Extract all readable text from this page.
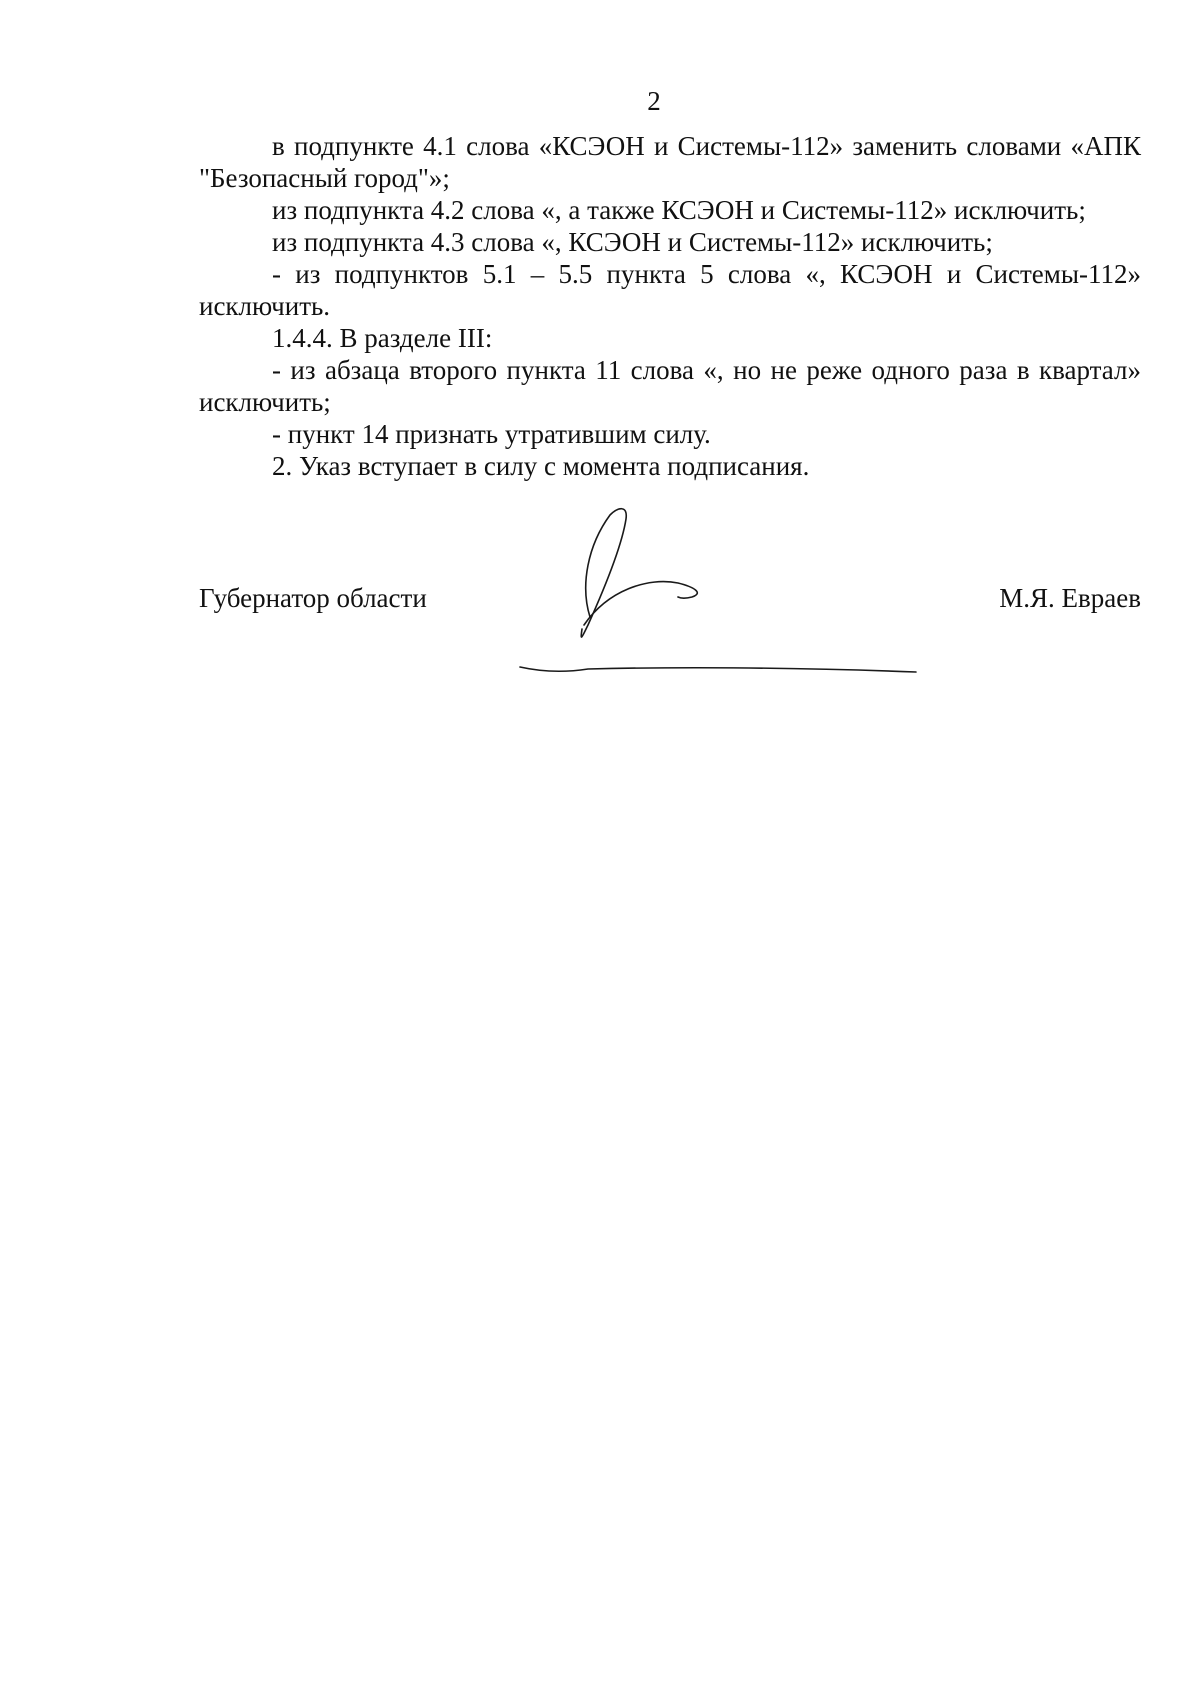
2

в подпункте 4.1 слова «КСЭОН и Системы-112» заменить словами «АПК "Безопасный город"»;

из подпункта 4.2 слова «, а также КСЭОН и Системы-112» исключить;

из подпункта 4.3 слова «, КСЭОН и Системы-112» исключить;

- из подпунктов 5.1 – 5.5 пункта 5 слова «, КСЭОН и Системы-112» исключить.

1.4.4. В разделе III:

- из абзаца второго пункта 11 слова «, но не реже одного раза в квартал» исключить;

- пункт 14 признать утратившим силу.

2. Указ вступает в силу с момента подписания.

Губернатор области	М.Я. Евраев
